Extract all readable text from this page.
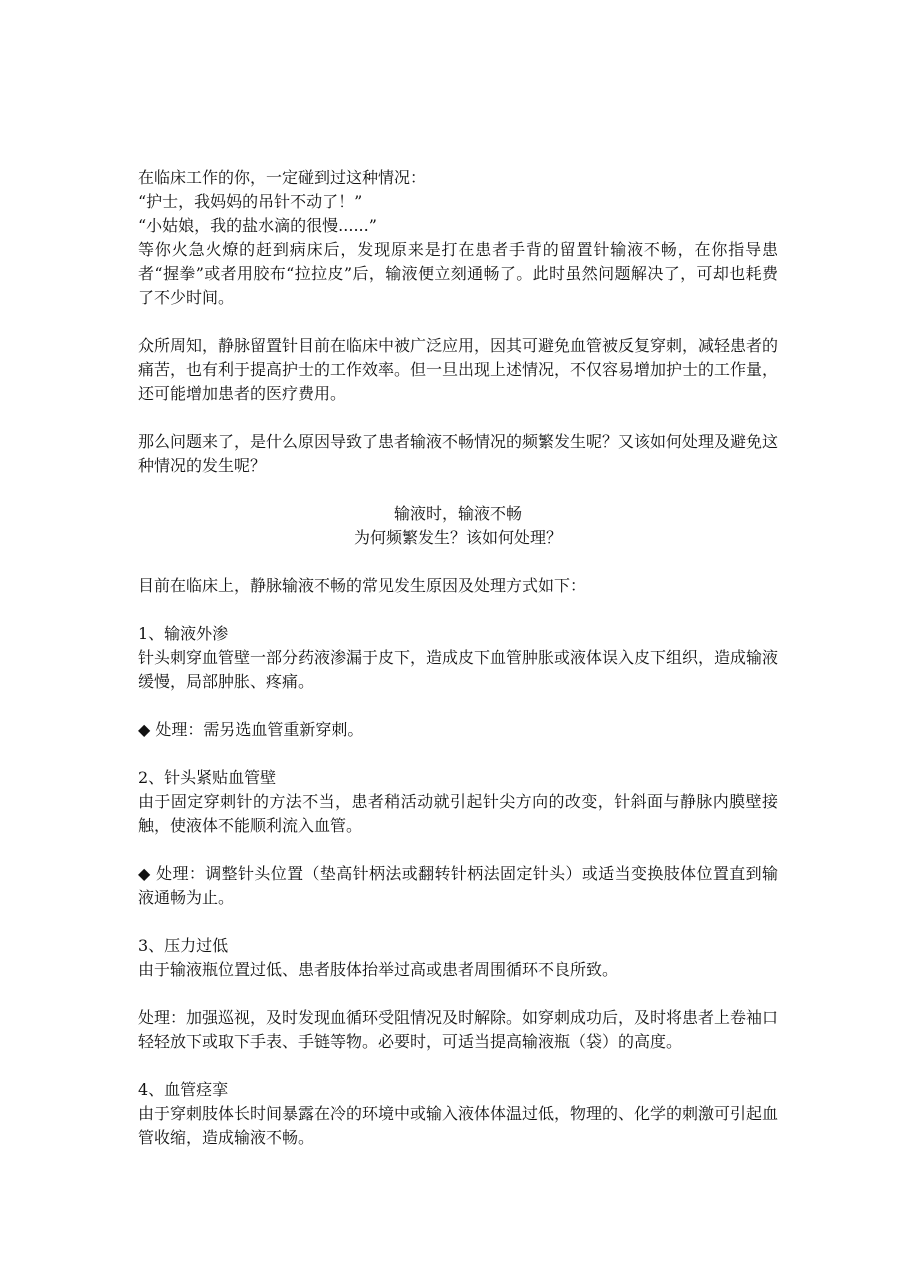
在临床工作的你，一定碰到过这种情况：

“护士，我妈妈的吊针不动了！”

“小姑娘，我的盐水滴的很慢......”

等你火急火燎的赶到病床后，发现原来是打在患者手背的留置针输液不畅，在你指导患者“握拳”或者用胶布“拉拉皮”后，输液便立刻通畅了。此时虽然问题解决了，可却也耗费了不少时间。

众所周知，静脉留置针目前在临床中被广泛应用，因其可避免血管被反复穿刺，减轻患者的痛苦，也有利于提高护士的工作效率。但一旦出现上述情况，不仅容易增加护士的工作量，还可能增加患者的医疗费用。

那么问题来了，是什么原因导致了患者输液不畅情况的频繁发生呢？又该如何处理及避免这种情况的发生呢？

输液时，输液不畅

为何频繁发生？该如何处理？

目前在临床上，静脉输液不畅的常见发生原因及处理方式如下：

1、输液外渗

针头刺穿血管壁一部分药液渗漏于皮下，造成皮下血管肿胀或液体误入皮下组织，造成输液缓慢，局部肿胀、疼痛。

◆ 处理：需另选血管重新穿刺。

2、针头紧贴血管壁

由于固定穿刺针的方法不当，患者稍活动就引起针尖方向的改变，针斜面与静脉内膜壁接触，使液体不能顺利流入血管。

◆ 处理：调整针头位置（垫高针柄法或翻转针柄法固定针头）或适当变换肢体位置直到输液通畅为止。

3、压力过低

由于输液瓶位置过低、患者肢体抬举过高或患者周围循环不良所致。

处理：加强巡视，及时发现血循环受阻情况及时解除。如穿刺成功后，及时将患者上卷袖口轻轻放下或取下手表、手链等物。必要时，可适当提高输液瓶（袋）的高度。

4、血管痉挛

由于穿刺肢体长时间暴露在冷的环境中或输入液体体温过低，物理的、化学的刺激可引起血管收缩，造成输液不畅。
